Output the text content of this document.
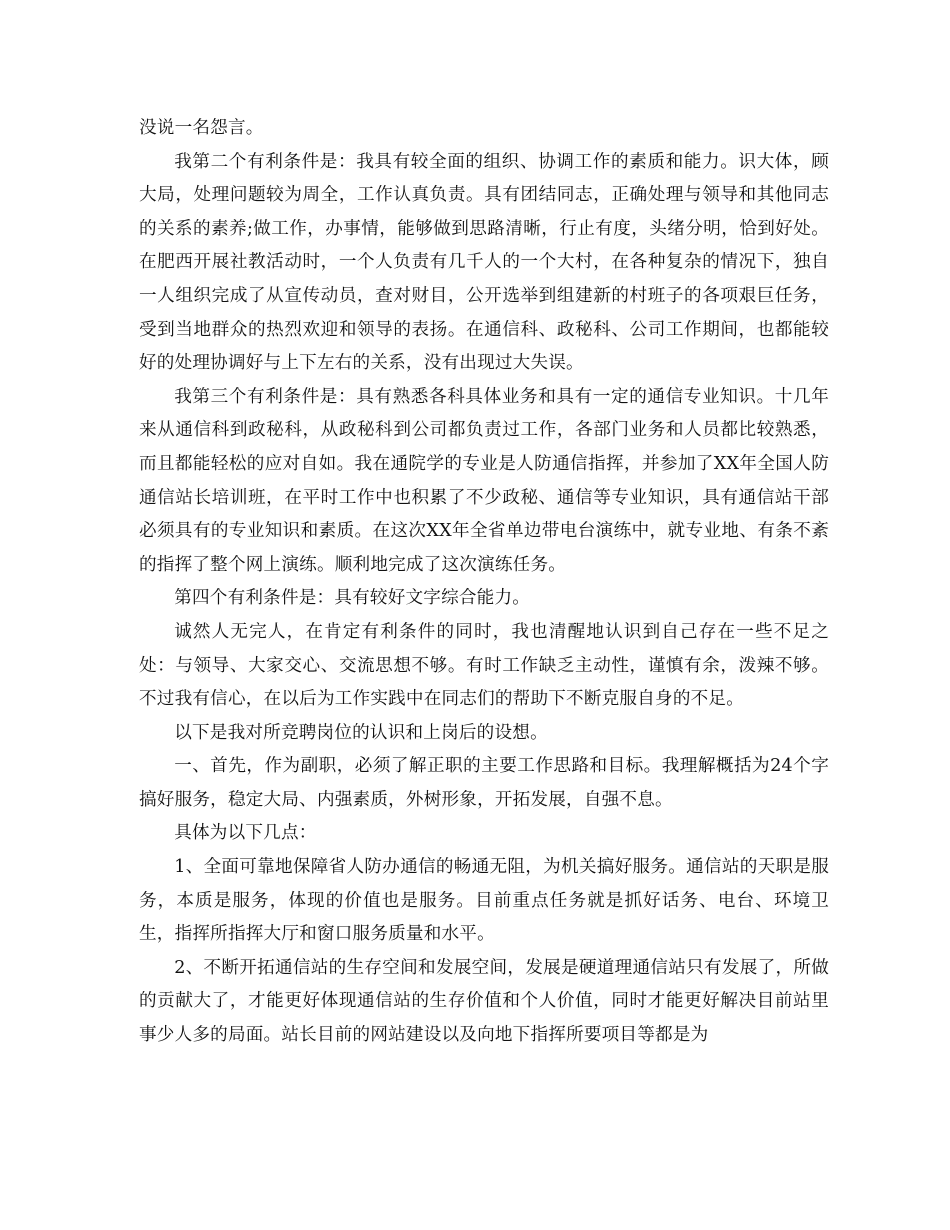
没说一名怨言。

我第二个有利条件是：我具有较全面的组织、协调工作的素质和能力。识大体，顾大局，处理问题较为周全，工作认真负责。具有团结同志，正确处理与领导和其他同志的关系的素养;做工作，办事情，能够做到思路清晰，行止有度，头绪分明，恰到好处。在肥西开展社教活动时，一个人负责有几千人的一个大村，在各种复杂的情况下，独自一人组织完成了从宣传动员，查对财目，公开选举到组建新的村班子的各项艰巨任务，受到当地群众的热烈欢迎和领导的表扬。在通信科、政秘科、公司工作期间，也都能较好的处理协调好与上下左右的关系，没有出现过大失误。

我第三个有利条件是：具有熟悉各科具体业务和具有一定的通信专业知识。十几年来从通信科到政秘科，从政秘科到公司都负责过工作，各部门业务和人员都比较熟悉，而且都能轻松的应对自如。我在通院学的专业是人防通信指挥，并参加了XX年全国人防通信站长培训班，在平时工作中也积累了不少政秘、通信等专业知识，具有通信站干部必须具有的专业知识和素质。在这次XX年全省单边带电台演练中，就专业地、有条不紊的指挥了整个网上演练。顺利地完成了这次演练任务。

第四个有利条件是：具有较好文字综合能力。

诚然人无完人，在肯定有利条件的同时，我也清醒地认识到自己存在一些不足之处：与领导、大家交心、交流思想不够。有时工作缺乏主动性，谨慎有余，泼辣不够。不过我有信心，在以后为工作实践中在同志们的帮助下不断克服自身的不足。

以下是我对所竞聘岗位的认识和上岗后的设想。

一、首先，作为副职，必须了解正职的主要工作思路和目标。我理解概括为24个字搞好服务，稳定大局、内强素质，外树形象，开拓发展，自强不息。

具体为以下几点：

1、全面可靠地保障省人防办通信的畅通无阻，为机关搞好服务。通信站的天职是服务，本质是服务，体现的价值也是服务。目前重点任务就是抓好话务、电台、环境卫生，指挥所指挥大厅和窗口服务质量和水平。

2、不断开拓通信站的生存空间和发展空间，发展是硬道理通信站只有发展了，所做的贡献大了，才能更好体现通信站的生存价值和个人价值，同时才能更好解决目前站里事少人多的局面。站长目前的网站建设以及向地下指挥所要项目等都是为
